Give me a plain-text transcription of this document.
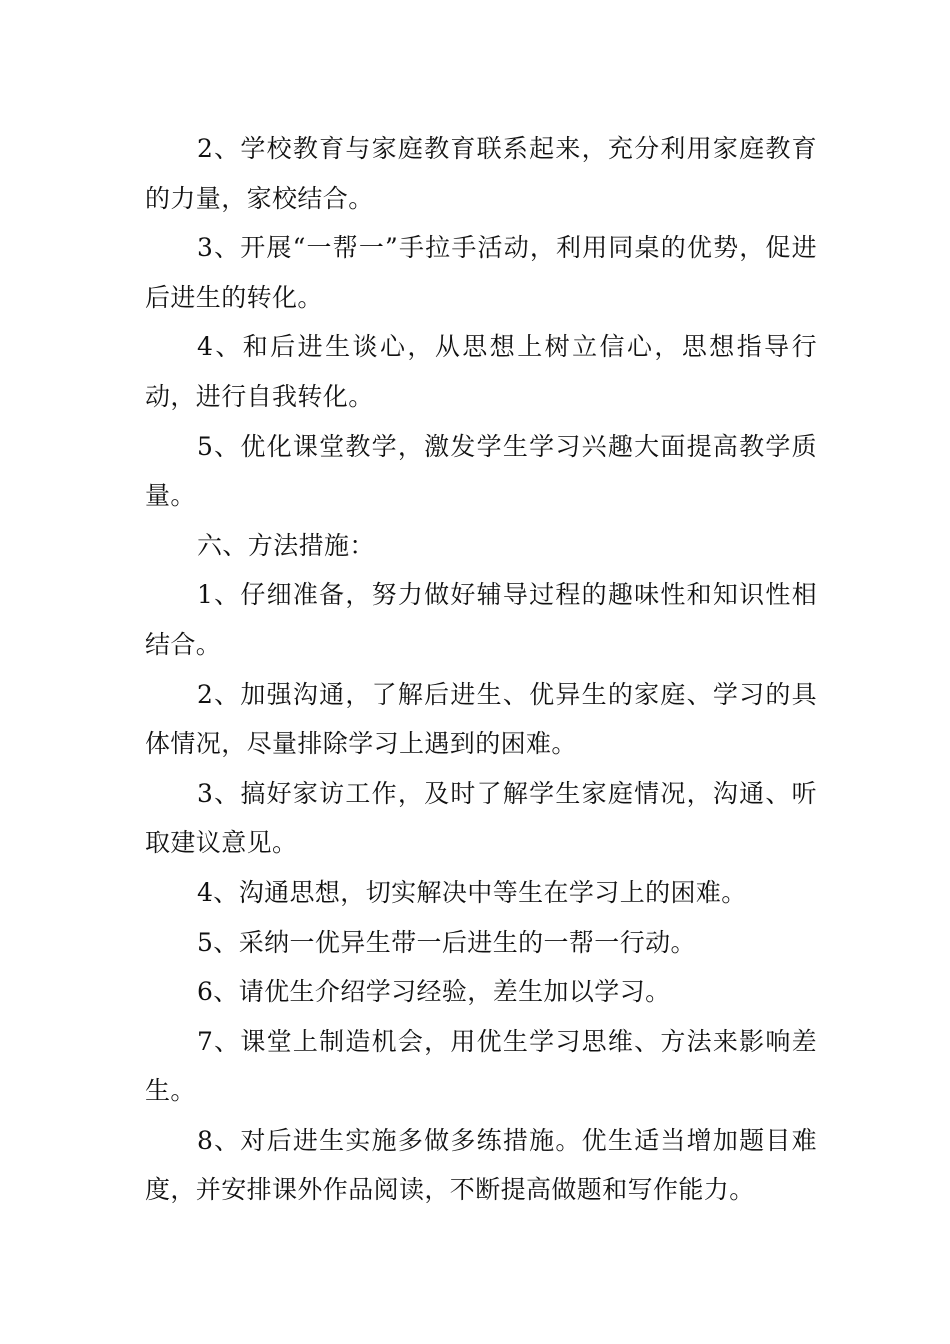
2、学校教育与家庭教育联系起来，充分利用家庭教育的力量，家校结合。

3、开展“一帮一”手拉手活动，利用同桌的优势，促进后进生的转化。

4、和后进生谈心，从思想上树立信心，思想指导行动，进行自我转化。

5、优化课堂教学，激发学生学习兴趣大面提高教学质量。

六、方法措施：

1、仔细准备，努力做好辅导过程的趣味性和知识性相结合。

2、加强沟通，了解后进生、优异生的家庭、学习的具体情况，尽量排除学习上遇到的困难。

3、搞好家访工作，及时了解学生家庭情况，沟通、听取建议意见。

4、沟通思想，切实解决中等生在学习上的困难。

5、采纳一优异生带一后进生的一帮一行动。

6、请优生介绍学习经验，差生加以学习。

7、课堂上制造机会，用优生学习思维、方法来影响差生。

8、对后进生实施多做多练措施。优生适当增加题目难度，并安排课外作品阅读，不断提高做题和写作能力。
